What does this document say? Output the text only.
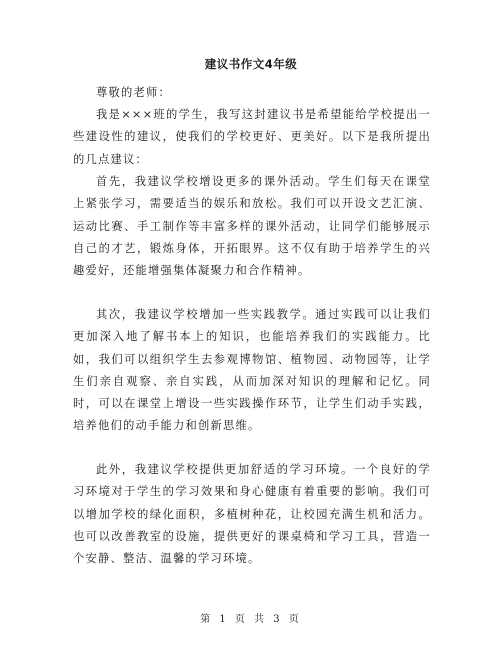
建议书作文4年级
尊敬的老师：

我是×××班的学生，我写这封建议书是希望能给学校提出一些建设性的建议，使我们的学校更好、更美好。以下是我所提出的几点建议：

首先，我建议学校增设更多的课外活动。学生们每天在课堂上紧张学习，需要适当的娱乐和放松。我们可以开设文艺汇演、运动比赛、手工制作等丰富多样的课外活动，让同学们能够展示自己的才艺，锻炼身体，开拓眼界。这不仅有助于培养学生的兴趣爱好，还能增强集体凝聚力和合作精神。

其次，我建议学校增加一些实践教学。通过实践可以让我们更加深入地了解书本上的知识，也能培养我们的实践能力。比如，我们可以组织学生去参观博物馆、植物园、动物园等，让学生们亲自观察、亲自实践，从而加深对知识的理解和记忆。同时，可以在课堂上增设一些实践操作环节，让学生们动手实践，培养他们的动手能力和创新思维。

此外，我建议学校提供更加舒适的学习环境。一个良好的学习环境对于学生的学习效果和身心健康有着重要的影响。我们可以增加学校的绿化面积，多植树种花，让校园充满生机和活力。也可以改善教室的设施，提供更好的课桌椅和学习工具，营造一个安静、整洁、温馨的学习环境。

第 1 页 共 3 页
